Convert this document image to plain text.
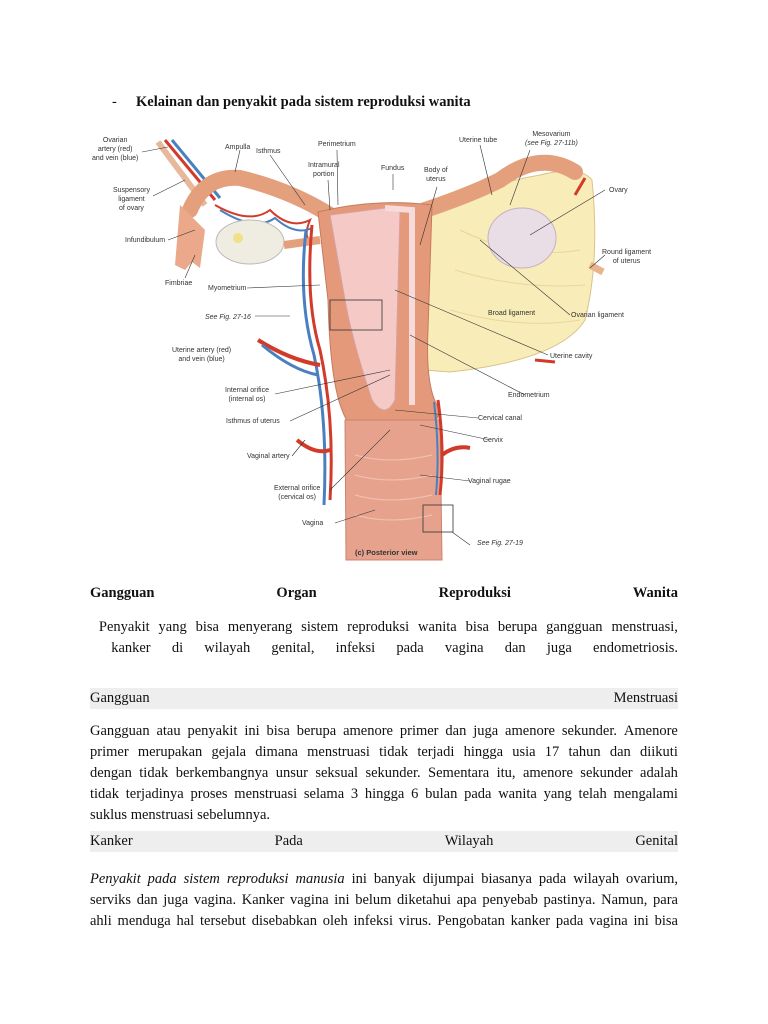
- Kelainan dan penyakit pada sistem reproduksi wanita
Ovarian
artery (red)
and vein (blue)
Ampulla
Isthmus
Perimetrium
Intramural
portion
Fundus	Body of
uterus
Uterine tube
Mesovarium
(see Fig. 27-11b)
Ovary
Suspensory
ligament
of ovary
Infundibulum
Fimbriae
Myometrium
See Fig. 27-16
Round ligament
of uterus
Broad ligament	Ovarian ligament
Uterine cavity
Uterine artery (red)
and vein (blue)
Endometrium
Internal orifice
(internal os)
Isthmus of uterus	Cervical canal
Cervix
Vaginal artery
Vaginal rugae
External orifice
(cervical os)
Vagina
See Fig. 27-19
(c) Posterior view
Gangguan	Organ	Reproduksi	Wanita
Penyakit yang bisa menyerang sistem reproduksi wanita bisa berupa gangguan menstruasi,
kanker di wilayah genital, infeksi pada vagina dan juga endometriosis.
Gangguan	Menstruasi
Gangguan atau penyakit ini bisa berupa amenore primer dan juga amenore sekunder. Amenore
primer merupakan gejala dimana menstruasi tidak terjadi hingga usia 17 tahun dan diikuti
dengan tidak berkembangnya unsur seksual sekunder. Sementara itu, amenore sekunder adalah
tidak terjadinya proses menstruasi selama 3 hingga 6 bulan pada wanita yang telah mengalami
suklus menstruasi sebelumnya.
Kanker	Pada	Wilayah	Genital
Penyakit pada sistem reproduksi manusia ini banyak dijumpai biasanya pada wilayah ovarium,
serviks dan juga vagina. Kanker vagina ini belum diketahui apa penyebab pastinya. Namun, para
ahli menduga hal tersebut disebabkan oleh infeksi virus. Pengobatan kanker pada vagina ini bisa
